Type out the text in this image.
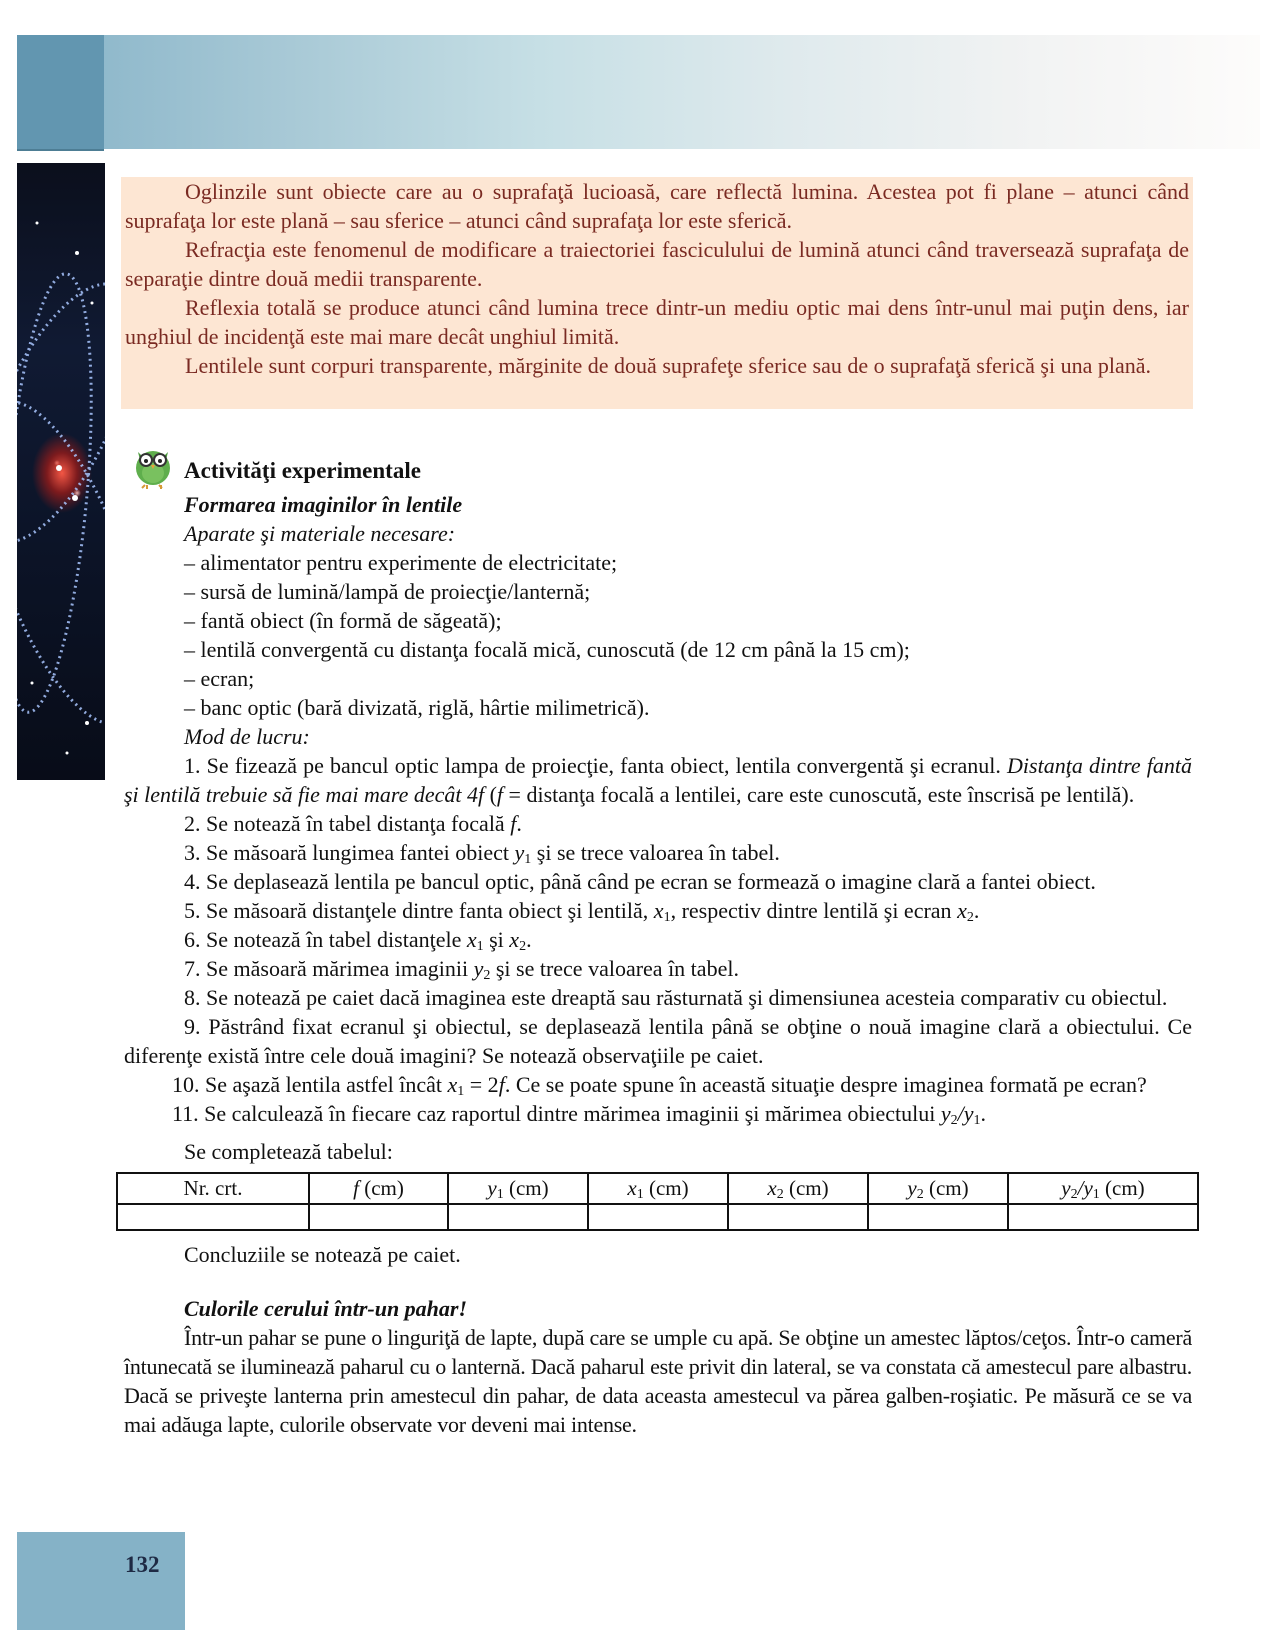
Oglinzile sunt obiecte care au o suprafaţă lucioasă, care reflectă lumina. Acestea pot fi plane – atunci când suprafaţa lor este plană – sau sferice – atunci când suprafaţa lor este sferică.

Refracţia este fenomenul de modificare a traiectoriei fasciculului de lumină atunci când traversează suprafaţa de separaţie dintre două medii transparente.

Reflexia totală se produce atunci când lumina trece dintr-un mediu optic mai dens într-unul mai puţin dens, iar unghiul de incidenţă este mai mare decât unghiul limită.

Lentilele sunt corpuri transparente, mărginite de două suprafeţe sferice sau de o suprafaţă sferică şi una plană.

Activităţi experimentale

Formarea imaginilor în lentile

Aparate şi materiale necesare:

– alimentator pentru experimente de electricitate;

– sursă de lumină/lampă de proiecţie/lanternă;

– fantă obiect (în formă de săgeată);

– lentilă convergentă cu distanţa focală mică, cunoscută (de 12 cm până la 15 cm);

– ecran;

– banc optic (bară divizată, riglă, hârtie milimetrică).

Mod de lucru:

1. Se fizează pe bancul optic lampa de proiecţie, fanta obiect, lentila convergentă şi ecranul. Distanţa dintre fantă şi lentilă trebuie să fie mai mare decât 4f (f = distanţa focală a lentilei, care este cunoscută, este înscrisă pe lentilă).

2. Se notează în tabel distanţa focală f.

3. Se măsoară lungimea fantei obiect $y_1$ şi se trece valoarea în tabel.

4. Se deplasează lentila pe bancul optic, până când pe ecran se formează o imagine clară a fantei obiect.

5. Se măsoară distanţele dintre fanta obiect şi lentilă, $x_1$, respectiv dintre lentilă şi ecran $x_2$.

6. Se notează în tabel distanţele $x_1$ şi $x_2$.

7. Se măsoară mărimea imaginii $y_2$ şi se trece valoarea în tabel.

8. Se notează pe caiet dacă imaginea este dreaptă sau răsturnată şi dimensiunea acesteia comparativ cu obiectul.

9. Păstrând fixat ecranul şi obiectul, se deplasează lentila până se obţine o nouă imagine clară a obiectului. Ce diferenţe există între cele două imagini? Se notează observaţiile pe caiet.

10. Se aşază lentila astfel încât $x_1 = 2f$. Ce se poate spune în această situaţie despre imaginea formată pe ecran?

11. Se calculează în fiecare caz raportul dintre mărimea imaginii şi mărimea obiectului $y_2/y_1$.

Se completează tabelul:

Nr. crt.	f (cm)	$y_1$ (cm)	$x_1$ (cm)	$x_2$ (cm)	$y_2$ (cm)	$y_2/y_1$ (cm)

Concluziile se notează pe caiet.

Culorile cerului într-un pahar!

Într-un pahar se pune o linguriţă de lapte, după care se umple cu apă. Se obţine un amestec lăptos/ceţos. Într-o cameră întunecată se iluminează paharul cu o lanternă. Dacă paharul este privit din lateral, se va constata că amestecul pare albastru. Dacă se priveşte lanterna prin amestecul din pahar, de data aceasta amestecul va părea galben-roşiatic. Pe măsură ce se va mai adăuga lapte, culorile observate vor deveni mai intense.

132
